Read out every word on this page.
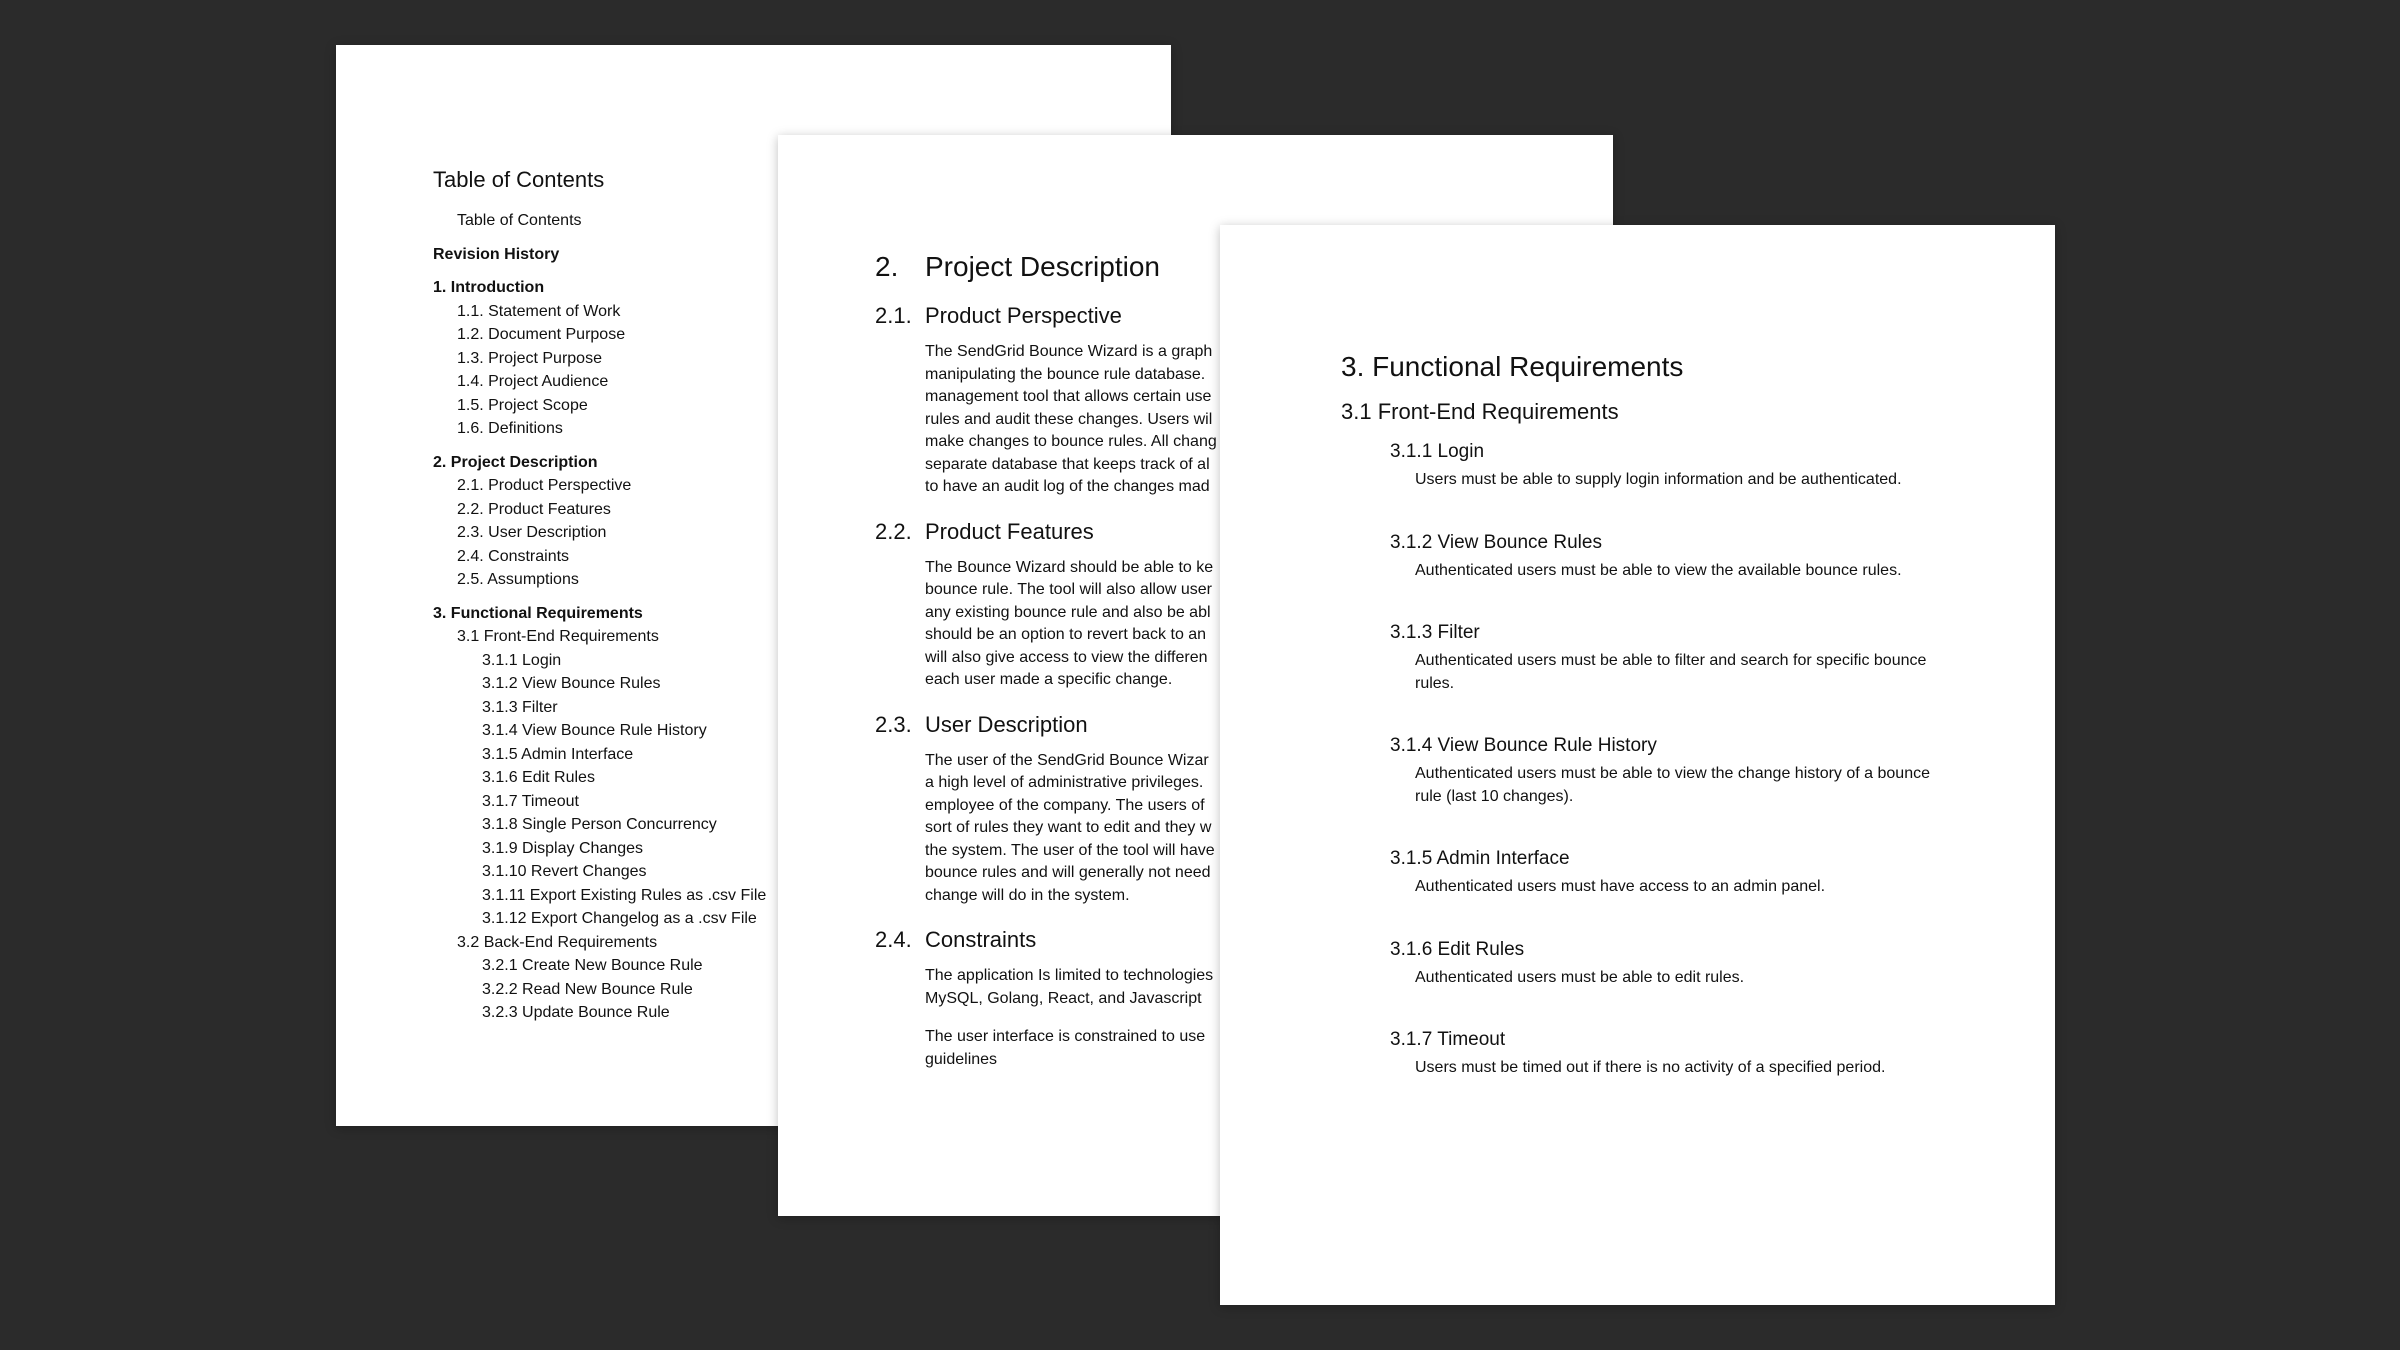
Table of Contents
Table of Contents
Revision History
1. Introduction
1.1. Statement of Work
1.2. Document Purpose
1.3. Project Purpose
1.4. Project Audience
1.5. Project Scope
1.6. Definitions
2. Project Description
2.1. Product Perspective
2.2. Product Features
2.3. User Description
2.4. Constraints
2.5. Assumptions
3. Functional Requirements
3.1 Front-End Requirements
3.1.1 Login
3.1.2 View Bounce Rules
3.1.3 Filter
3.1.4 View Bounce Rule History
3.1.5 Admin Interface
3.1.6 Edit Rules
3.1.7 Timeout
3.1.8 Single Person Concurrency
3.1.9 Display Changes
3.1.10 Revert Changes
3.1.11 Export Existing Rules as .csv File
3.1.12 Export Changelog as a .csv File
3.2 Back-End Requirements
3.2.1 Create New Bounce Rule
3.2.2 Read New Bounce Rule
3.2.3 Update Bounce Rule
2. Project Description
2.1. Product Perspective

The SendGrid Bounce Wizard is a graph
manipulating the bounce rule database.
management tool that allows certain use
rules and audit these changes. Users wil
make changes to bounce rules. All chang
separate database that keeps track of al
to have an audit log of the changes mad

2.2. Product Features

The Bounce Wizard should be able to ke
bounce rule. The tool will also allow user
any existing bounce rule and also be abl
should be an option to revert back to an
will also give access to view the differen
each user made a specific change.

2.3. User Description

The user of the SendGrid Bounce Wizar
a high level of administrative privileges.
employee of the company. The users of
sort of rules they want to edit and they w
the system. The user of the tool will have
bounce rules and will generally not need
change will do in the system.

2.4. Constraints

The application Is limited to technologies
MySQL, Golang, React, and Javascript

The user interface is constrained to use
guidelines

3. Functional Requirements
3.1 Front-End Requirements
3.1.1 Login

Users must be able to supply login information and be authenticated.

3.1.2 View Bounce Rules

Authenticated users must be able to view the available bounce rules.

3.1.3 Filter

Authenticated users must be able to filter and search for specific bounce
rules.

3.1.4 View Bounce Rule History

Authenticated users must be able to view the change history of a bounce
rule (last 10 changes).

3.1.5 Admin Interface

Authenticated users must have access to an admin panel.

3.1.6 Edit Rules

Authenticated users must be able to edit rules.

3.1.7 Timeout

Users must be timed out if there is no activity of a specified period.
